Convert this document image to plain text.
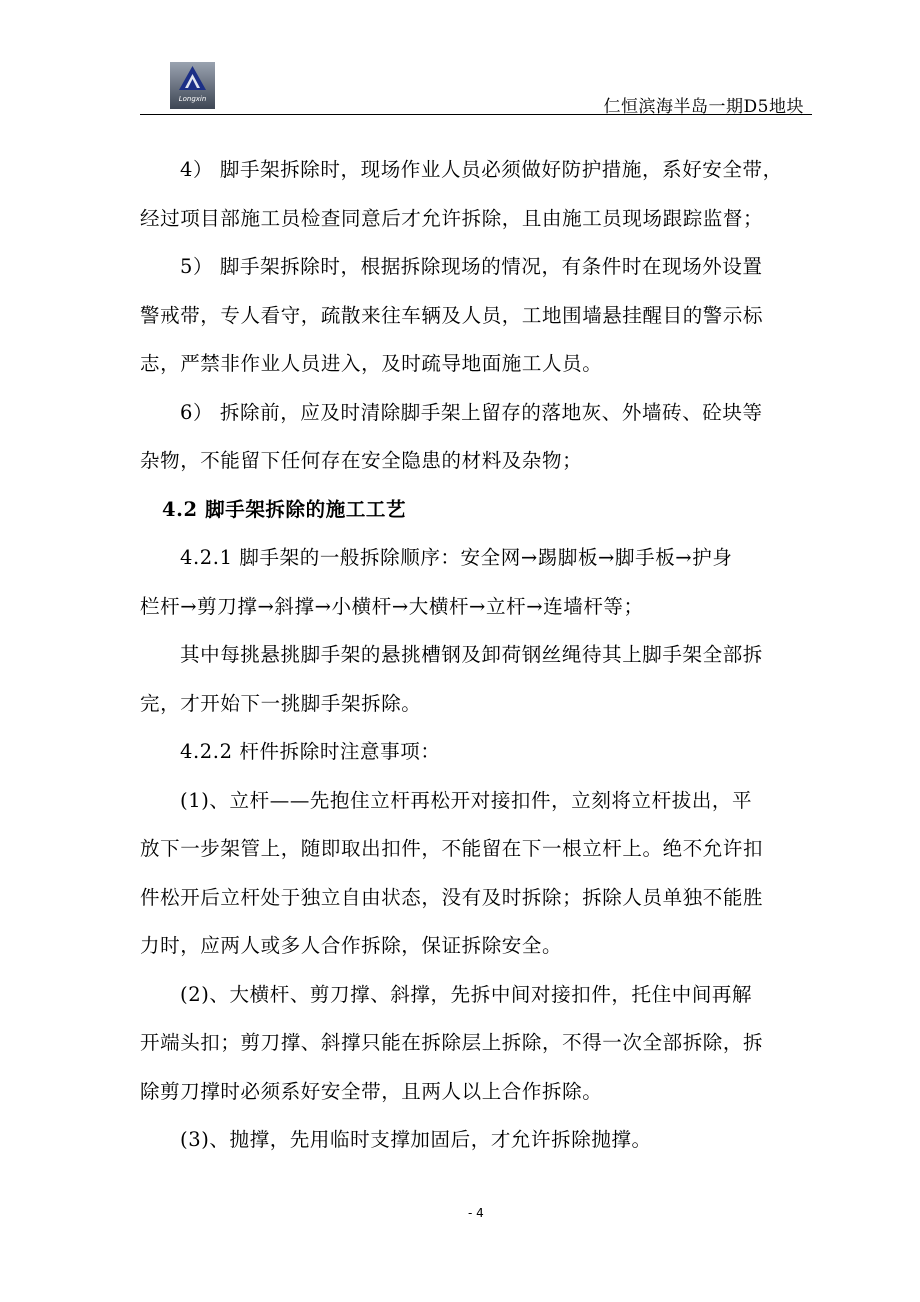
Longxin	仁恒滨海半岛一期D5地块

4） 脚手架拆除时，现场作业人员必须做好防护措施，系好安全带，

经过项目部施工员检查同意后才允许拆除，且由施工员现场跟踪监督；

5） 脚手架拆除时，根据拆除现场的情况，有条件时在现场外设置

警戒带，专人看守，疏散来往车辆及人员，工地围墙悬挂醒目的警示标

志，严禁非作业人员进入，及时疏导地面施工人员。

6） 拆除前，应及时清除脚手架上留存的落地灰、外墙砖、砼块等

杂物，不能留下任何存在安全隐患的材料及杂物；

4.2 脚手架拆除的施工工艺

4.2.1 脚手架的一般拆除顺序：安全网→踢脚板→脚手板→护身

栏杆→剪刀撑→斜撑→小横杆→大横杆→立杆→连墙杆等；

其中每挑悬挑脚手架的悬挑槽钢及卸荷钢丝绳待其上脚手架全部拆

完，才开始下一挑脚手架拆除。

4.2.2 杆件拆除时注意事项：

(1)、立杆——先抱住立杆再松开对接扣件，立刻将立杆拔出，平

放下一步架管上，随即取出扣件，不能留在下一根立杆上。绝不允许扣

件松开后立杆处于独立自由状态，没有及时拆除；拆除人员单独不能胜

力时，应两人或多人合作拆除，保证拆除安全。

(2)、大横杆、剪刀撑、斜撑，先拆中间对接扣件，托住中间再解

开端头扣；剪刀撑、斜撑只能在拆除层上拆除，不得一次全部拆除，拆

除剪刀撑时必须系好安全带，且两人以上合作拆除。

(3)、抛撑，先用临时支撑加固后，才允许拆除抛撑。

- 4
